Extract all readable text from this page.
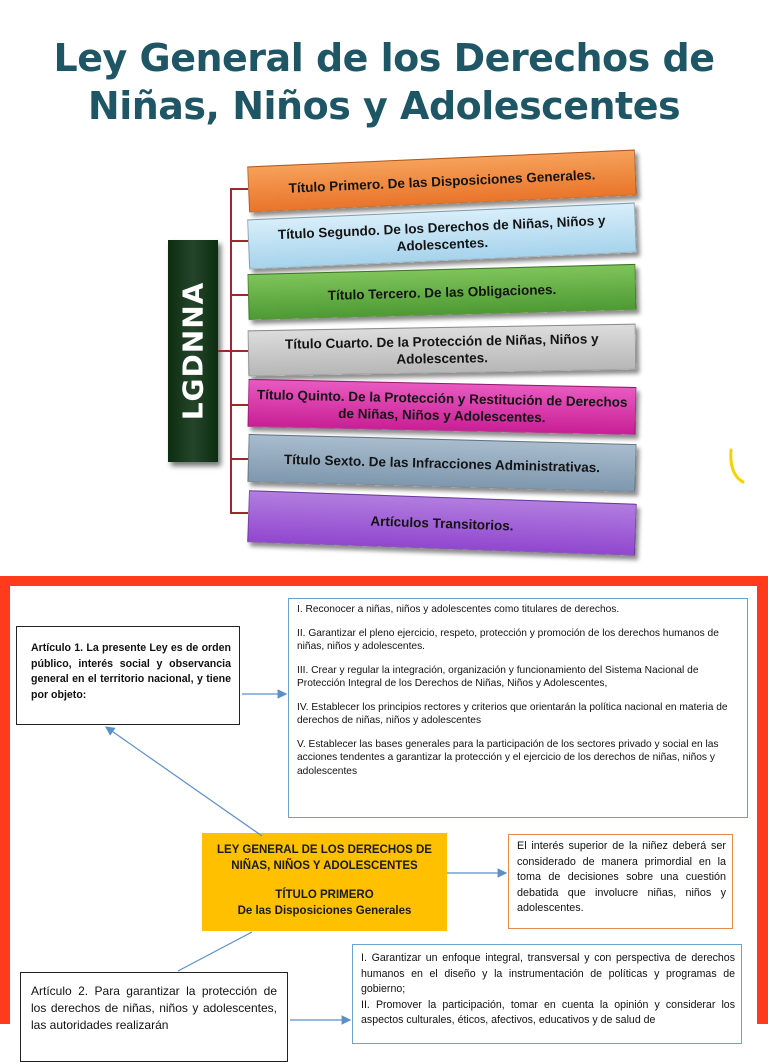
Ley General de los Derechos de
Niñas, Niños y Adolescentes
LGDNNA
Título Primero. De las Disposiciones Generales.
Título Segundo. De los Derechos de Niñas, Niños y Adolescentes.
Título Tercero. De las Obligaciones.
Título Cuarto. De la Protección de Niñas, Niños y Adolescentes.
Título Quinto. De la Protección y Restitución de Derechos de Niñas, Niños y Adolescentes.
Título Sexto. De las Infracciones Administrativas.
Artículos Transitorios.

I. Reconocer a niñas, niños y adolescentes como titulares de derechos.

II. Garantizar el pleno ejercicio, respeto, protección y promoción de los derechos humanos de niñas, niños y adolescentes.

III. Crear y regular la integración, organización y funcionamiento del Sistema Nacional de Protección Integral de los Derechos de Niñas, Niños y Adolescentes,

IV. Establecer los principios rectores y criterios que orientarán la política nacional en materia de derechos de niñas, niños y adolescentes

V. Establecer las bases generales para la participación de los sectores privado y social en las acciones tendentes a garantizar la protección y el ejercicio de los derechos de niñas, niños y adolescentes

Artículo 1. La presente Ley es de orden público, interés social y observancia general en el territorio nacional, y tiene por objeto:
LEY GENERAL DE LOS DERECHOS DE
NIÑAS, NIÑOS Y ADOLESCENTES
TÍTULO PRIMERO
De las Disposiciones Generales
El interés superior de la niñez deberá ser considerado de manera primordial en la toma de decisiones sobre una cuestión debatida que involucre niñas, niños y adolescentes.
Artículo 2. Para garantizar la protección de los derechos de niñas, niños y adolescentes, las autoridades realizarán

I. Garantizar un enfoque integral, transversal y con perspectiva de derechos humanos en el diseño y la instrumentación de políticas y programas de gobierno;

II. Promover la participación, tomar en cuenta la opinión y considerar los aspectos culturales, éticos, afectivos, educativos y de salud de
